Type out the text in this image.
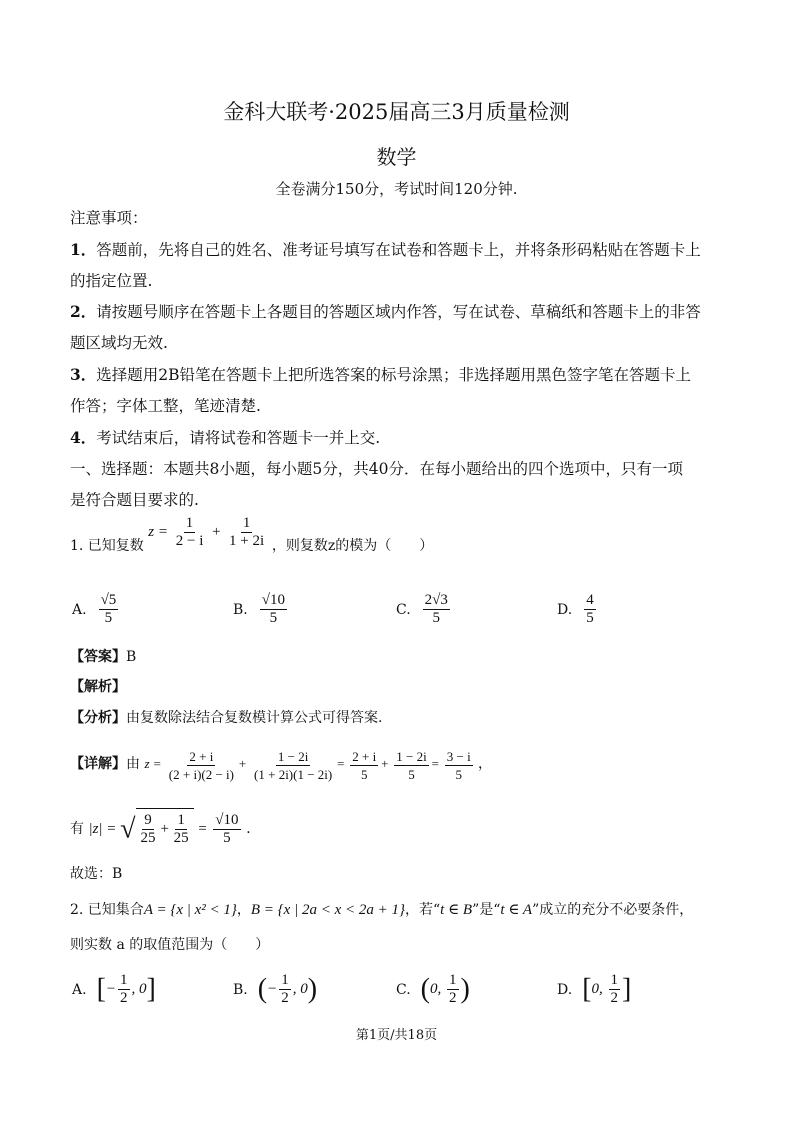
金科大联考·2025届高三3月质量检测
数学
全卷满分150分，考试时间120分钟.
注意事项：
1．答题前，先将自己的姓名、准考证号填写在试卷和答题卡上，并将条形码粘贴在答题卡上
的指定位置.
2．请按题号顺序在答题卡上各题目的答题区域内作答，写在试卷、草稿纸和答题卡上的非答
题区域均无效.
3．选择题用2B铅笔在答题卡上把所选答案的标号涂黑；非选择题用黑色签字笔在答题卡上
作答；字体工整，笔迹清楚.
4．考试结束后，请将试卷和答题卡一并上交.
一、选择题：本题共8小题，每小题5分，共40分．在每小题给出的四个选项中，只有一项
是符合题目要求的.
1. 已知复数 $z = \frac{1}{2 - i} + \frac{1}{1 + 2i}$ ，则复数z的模为（　　）
A. $\frac{√5}{5}$	B. $\frac{√10}{5}$	C. $\frac{2√3}{5}$	D. $\frac{4}{5}$
【答案】B
【解析】
【分析】由复数除法结合复数模计算公式可得答案.
【详解】由 $z = \frac{2 + i}{(2 + i)(2 - i)} + \frac{1 - 2i}{(1 + 2i)(1 - 2i)} = \frac{2 + i}{5} + \frac{1 - 2i}{5} = \frac{3 - i}{5}$ ，
有 |z| = √ $\frac{9}{25} + \frac{1}{25} = \frac{√10}{5}$ ．
故选：B
2. 已知集合A = {x | x² < 1}，B = {x | 2a < x < 2a + 1}，若“t ∈ B”是“t ∈ A”成立的充分不必要条件，
则实数 a 的取值范围为（　　）
A. [− $\frac{1}{2}$ , 0]	B. (− $\frac{1}{2}$ , 0)	C. (0, $\frac{1}{2}$ )	D. [0, $\frac{1}{2}$ ]
第1页/共18页
